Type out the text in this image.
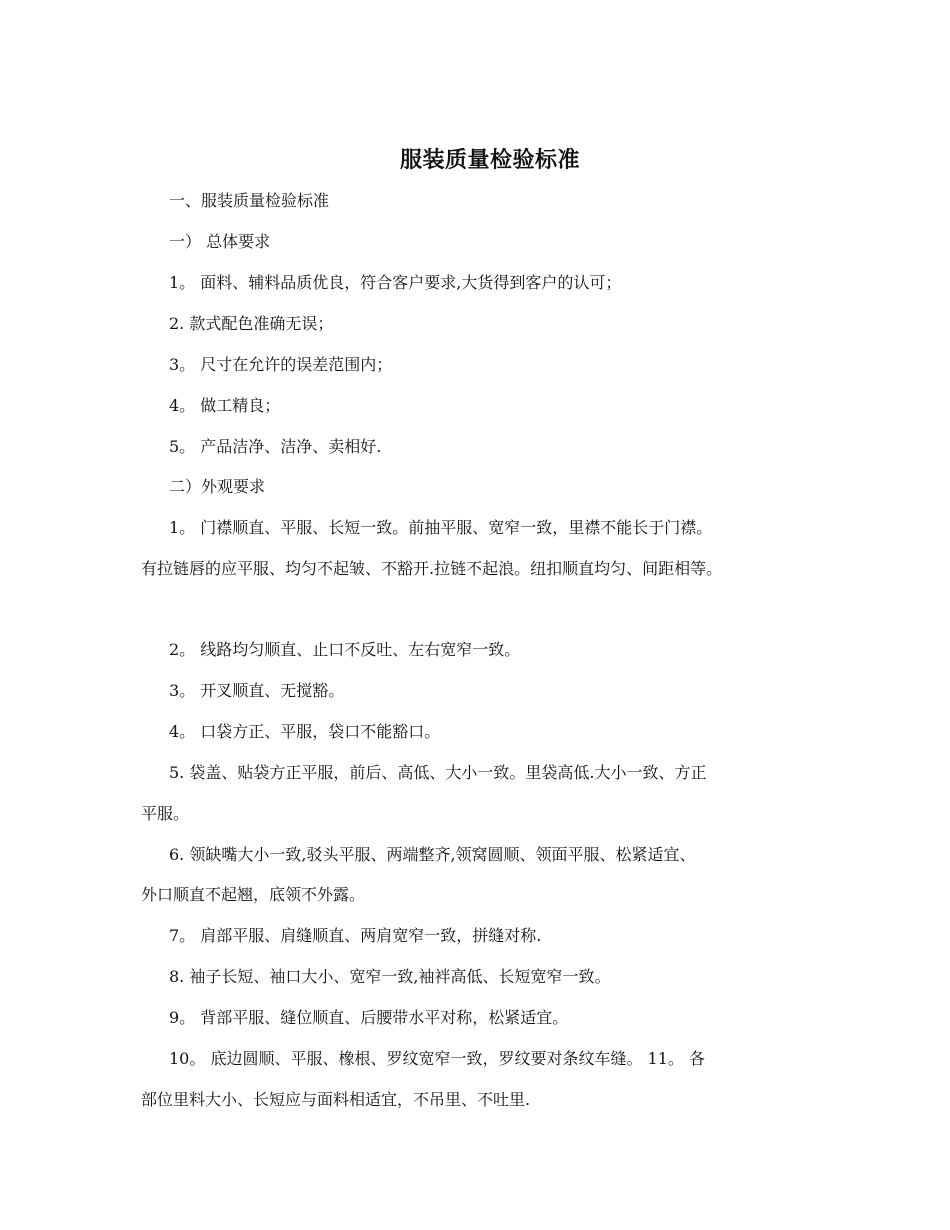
服装质量检验标准
一、服装质量检验标准
一） 总体要求
1。 面料、辅料品质优良，符合客户要求,大货得到客户的认可；
2. 款式配色准确无误；
3。 尺寸在允许的误差范围内；
4。 做工精良；
5。 产品洁净、洁净、卖相好.
二）外观要求
1。 门襟顺直、平服、长短一致。前抽平服、宽窄一致，里襟不能长于门襟。
有拉链唇的应平服、均匀不起皱、不豁开.拉链不起浪。纽扣顺直均匀、间距相等。
2。 线路均匀顺直、止口不反吐、左右宽窄一致。
3。 开叉顺直、无搅豁。
4。 口袋方正、平服，袋口不能豁口。
5. 袋盖、贴袋方正平服，前后、高低、大小一致。里袋高低.大小一致、方正
平服。
6. 领缺嘴大小一致,驳头平服、两端整齐,领窝圆顺、领面平服、松紧适宜、
外口顺直不起翘，底领不外露。
7。 肩部平服、肩缝顺直、两肩宽窄一致，拼缝对称.
8. 袖子长短、袖口大小、宽窄一致,袖袢高低、长短宽窄一致。
9。 背部平服、缝位顺直、后腰带水平对称，松紧适宜。
10。 底边圆顺、平服、橡根、罗纹宽窄一致，罗纹要对条纹车缝。 11。 各
部位里料大小、长短应与面料相适宜，不吊里、不吐里.
